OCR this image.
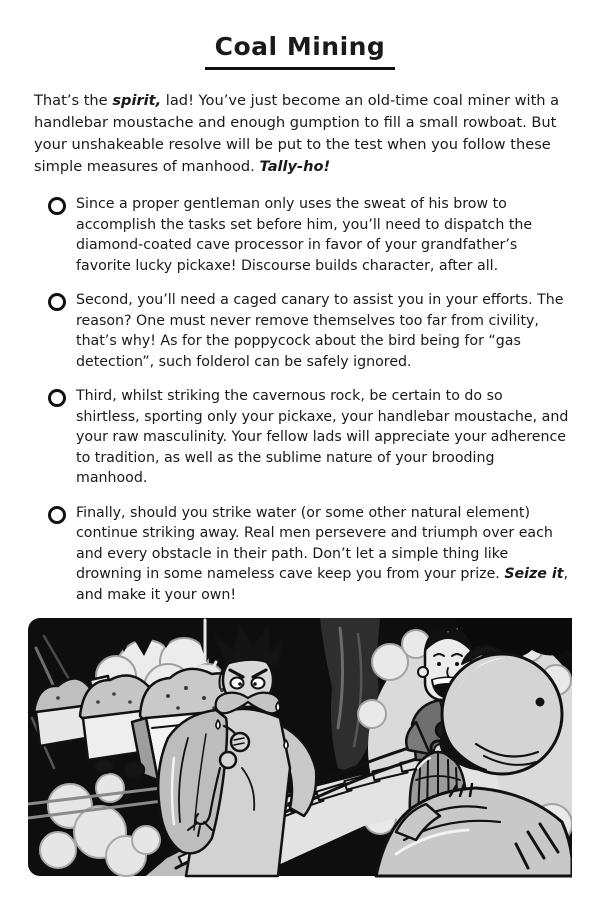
Coal Mining

That’s the spirit, lad! You’ve just become an old-time coal miner with a handlebar moustache and enough gumption to fill a small rowboat. But your unshakeable resolve will be put to the test when you follow these simple measures of manhood. Tally-ho!

Since a proper gentleman only uses the sweat of his brow to accomplish the tasks set before him, you’ll need to dispatch the diamond-coated cave processor in favor of your grandfather’s favorite lucky pickaxe! Discourse builds character, after all.
Second, you’ll need a caged canary to assist you in your efforts. The reason? One must never remove themselves too far from civility, that’s why! As for the poppycock about the bird being for “gas detection”, such folderol can be safely ignored.
Third, whilst striking the cavernous rock, be certain to do so shirtless, sporting only your pickaxe, your handlebar moustache, and your raw masculinity. Your fellow lads will appreciate your adherence to tradition, as well as the sublime nature of your brooding manhood.
Finally, should you strike water (or some other natural element) continue striking away. Real men persevere and triumph over each and every obstacle in their path. Don’t let a simple thing like drowning in some nameless cave keep you from your prize. Seize it, and make it your own!
